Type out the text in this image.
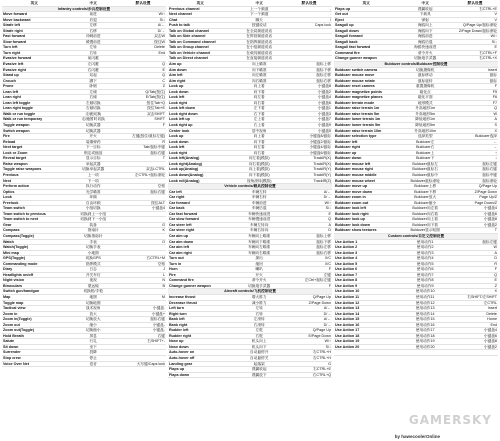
英文	中文	默认设置
Infantry controls/步兵控制设置
Move forward	前进	W/↑
Move backward	后退	S/↓
Strafe left	左移	A/←
Strafe right	右移	D/→
Fast forward	冲刺前进	双击W
Slow forward	缓慢前进	按住W
Turn left	左转	Delete
Turn right	右转	End
Evasive forward	前闪避
Evasive left	左闪避	Q
Evasive right	右闪避	E
Stand up	站起	Q
Crouch	蹲下	C
Prone	卧倒	Z
Lean left	左倾	Q/Tab(按住)
Lean right	右倾	E/Tab(按住)
Lean left toggle	左倾切换	按住Tab+Q
Lean right toggle	右倾切换	按住Tab+E
Walk or run toggle	走/跑切换	双击SHIFT
Walk or run temporary	走/跑暂时切换	SHIFT
Toggle weapon	切换武器	F
Switch weapon	切换武器
Fire	开火	左键(按住/鼠标左键)
Reload	装填弹药	R
Next target	下一目标	Tab/鼠标中键
Lock or Zoom	锁定或缩放	鼠标右键
Reveal target	显示目标	T
Raise weapon	举起武器
Toggle raise weapons	切换举起武器	双击LCTRL
Previous	上一项	左CTRL+鼠标滚轮
Next	下一项
Perform action	执行动作	空格
Optics	光学瞄准	鼠标右键
Look	环顾
Freelook	自由环顾	按住ALT
Team switch	小组切换	小键盘4
Team switch to previous	切换到上一小组
Team switch to next	切换到下一小组
Gear	装备	G
Compass	指南针	K
Compass(Toggle)	切换指南针
Watch	手表	O
Watch(Toggle)	切换手表
Mini map	小地图
GPS(Toggle)	切换GPS	右CTRL+M
Commanding mode	指挥模式	空格
Diary	日志	J
Headlights on/off	开关车灯	L
Night vision	夜视	N
Binoculars	望远镜	B
Switch gun/handgun	切换枪/手枪
Map	地图	M
Toggle map	切换地图
Tactical view	战术视角	小键盘.
Zoom in	放大	小键盘+
Zoom in(Toggle)	切换放大	鼠标右键
Zoom out	缩小	小键盘-
Zoom out(Toggle)	切换缩小	小键盘-
Hold Breath	屏息	右键
Salute	行礼	右SHIFT+-
Sit down	坐下
Surrender	投降
Stop crew	停止
Voice Over Net	语音	大写键/Caps lock
英文	中文	默认设置
Previous channel	上一个频道	,
Next channel	下一个频道	.
Chat	聊天	/
Push to talk	按键说话	Caps lock
Talk on Global channel	在全局频道说话
Talk on Side channel	在阵营频道说话
Talk on Command channel	在指挥频道说话
Talk on Group channel	在小组频道说话
Talk on Vehicle channel	在载具频道说话
Talk on Direct channel	在直接频道说话
Aim up	向上瞄准	鼠标上移
Aim down	向下瞄准	鼠标下移
Aim left	向左瞄准	鼠标左移
Aim right	向右瞄准	鼠标右移
Look up	向上看	小键盘8
Look down	向下看	小键盘2
Look left	向左看	小键盘4
Look right	向右看	小键盘6
Look left down	左下看	小键盘1
Look right down	右下看	小键盘3
Look left up	左上看	小键盘7
Look right up	右上看	小键盘9
Center look	居中视角	小键盘5
Look up	向上看	小键盘8/鼠标
Look down	向下看	小键盘2/鼠标
Look left	向左看	小键盘4/鼠标
Look right	向右看	小键盘6/鼠标
Look left(Analog)	向左看(模拟)	TrackIR(X)
Look right(Analog)	向右看(模拟)	TrackIR(X)
Look up(Analog)	向上看(模拟)	TrackIR(Y)
Look down(Analog)	向下看(模拟)	TrackIR(Y)
Look roll(Analog)	视角滚转(模拟)	TrackIR(Z)
Vehicle controls/载具控制设置
Car left	车辆左转	A/←
Car right	车辆右转	D/→
Car forward	车辆前进	W/↑
Car back	车辆后退	S/↓
Car fast forward	车辆快速前进	E
Car slow forward	车辆慢速前进	Q
Car steer left	车辆左转向	A
Car steer right	车辆右转向	D
Car aim up	车辆向上瞄准	鼠标上移
Car aim down	车辆向下瞄准	鼠标下移
Car aim left	车辆向左瞄准	鼠标左移
Car aim right	车辆向右瞄准	鼠标右移
Turn out	探出	X/C
Turn in	缩回	X/C
Horn	喇叭	F
Fire	开火	左键
Command fire	命令开火	左Ctrl+鼠标左键
Change gunner weapon	切换炮手武器	F
Aircraft controls/飞机控制设置
Increase thrust	增大推力	Q/Page Up
Decrease thrust	减小推力	Z/Page Down
Left turn	左转	A/←
Right turn	右转	D/→
Bank left	左滚转	A/←
Bank right	右滚转	D/→
Rudder left	左舵	Q/Page Up
Rudder right	右舵	E/Page Down
Nose up	机头向上	W/↑
Nose down	机头向下	S/↓
Auto-hover on	自动悬停开	右CTRL+H
Auto-hover off	自动悬停关	右CTRL+H
Landing gear	起落架	G
Flaps up	襟翼收起	右CTRL+E
Flaps down	襟翼放下	右CTRL+Q
英文	中文	默认设置
Flaps up	襟翼收起	右CTRL+E
Get out	下载具	V
Eject	弹射	V
Seagull up	海鸥向上	Q/Page Up/鼠标滚轮
Seagull down	海鸥向下	Z/Page Down/鼠标滚轮
Seagull forward	海鸥前进	W/↑
Seagull back	海鸥后退	S/↓
Seagull fast forward	海鸥快速前进	E
Command fire	命令开火	右CTRL+F
Change gunner weapon	切换炮手武器	右CTRL+X
Buldozer controls/Buldozer控制设置
Buldozer switch camera	切换摄像机	Insert
Buldozer mouse move	鼠标移动	鼠标
Buldozer mouse rotate	鼠标旋转	鼠标
Buldozer reset camera	重置摄像机	F
Buldozer magnetize points	磁化点	F5
Buldozer magnetize planes	磁化平面	F6
Buldozer terrain mode	地形模式	F7
Buldozer raise terrain 1m	升高地形1m	Q
Buldozer raise terrain 5m	升高地形5m	W
Buldozer lower terrain 1m	降低地形1m	A
Buldozer lower terrain 5m	降低地形5m	S
Buldozer raise terrain 10m	升高地形10m	X
Buldozer selection type	选择类型	Buldozer选择
Buldozer left	Buldozer左	←
Buldozer right	Buldozer右	→
Buldozer up	Buldozer上	↑
Buldozer down	Buldozer下	↓
Buldozer mouse left	Buldozer鼠标左	鼠标左键
Buldozer mouse right	Buldozer鼠标右	鼠标右键
Buldozer mouse middle	Buldozer鼠标中	鼠标中键
Buldozer mouse wheel	Buldozer鼠标滚轮	鼠标滚轮
Buldozer move up	Buldozer上移	Q/Page Up
Buldozer move down	Buldozer下移	Z/Page Down
Buldozer zoom in	Buldozer放大	Page Up/Z
Buldozer zoom out	Buldozer缩小	Page Down/Z
Buldozer look left	Buldozer向左看	小键盘4
Buldozer look right	Buldozer向右看	小键盘6
Buldozer look up	Buldozer向上看	小键盘8
Buldozer look down	Buldozer向下看	小键盘2
Buldozer show textures	Buldozer显示贴图	T
Custom controls/自定义控制设置
Use Action 1	使用动作1	鼠标左键
Use Action 2	使用动作2	W
Use Action 3	使用动作3	A
Use Action 4	使用动作4	D
Use Action 5	使用动作5	R
Use Action 6	使用动作6	F
Use Action 7	使用动作7	Q
Use Action 8	使用动作8	E
Use Action 9	使用动作9	Z
Use Action 10	使用动作10	X
Use Action 11	使用动作11	右SHIFT/左SHIFT
Use Action 12	使用动作12	左CTRL
Use Action 13	使用动作13	Insert
Use Action 14	使用动作14	Delete
Use Action 15	使用动作15	Home
Use Action 16	使用动作16	End
Use Action 17	使用动作17	小键盘4
Use Action 18	使用动作18	小键盘6
Use Action 19	使用动作19	小键盘8
Use Action 20	使用动作20	小键盘2
by hawecoolerOnline
GAMERSKY
